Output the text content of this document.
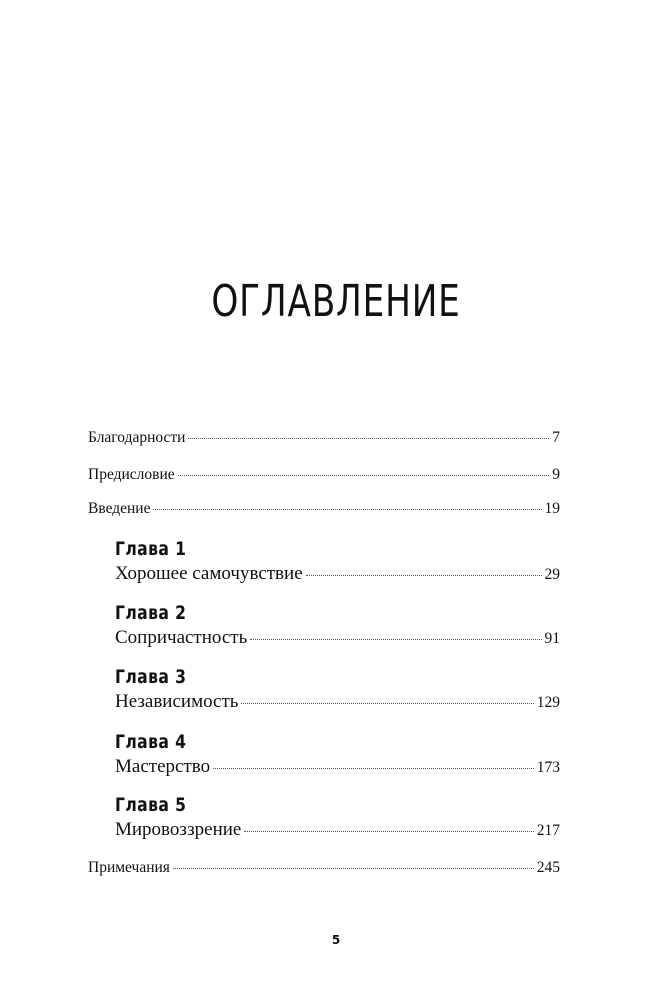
ОГЛАВЛЕНИЕ
Благодарности	7
Предисловие	9
Введение	19
Глава 1
Хорошее самочувствие	29
Глава 2
Сопричастность	91
Глава 3
Независимость	129
Глава 4
Мастерство	173
Глава 5
Мировоззрение	217
Примечания	245
5
